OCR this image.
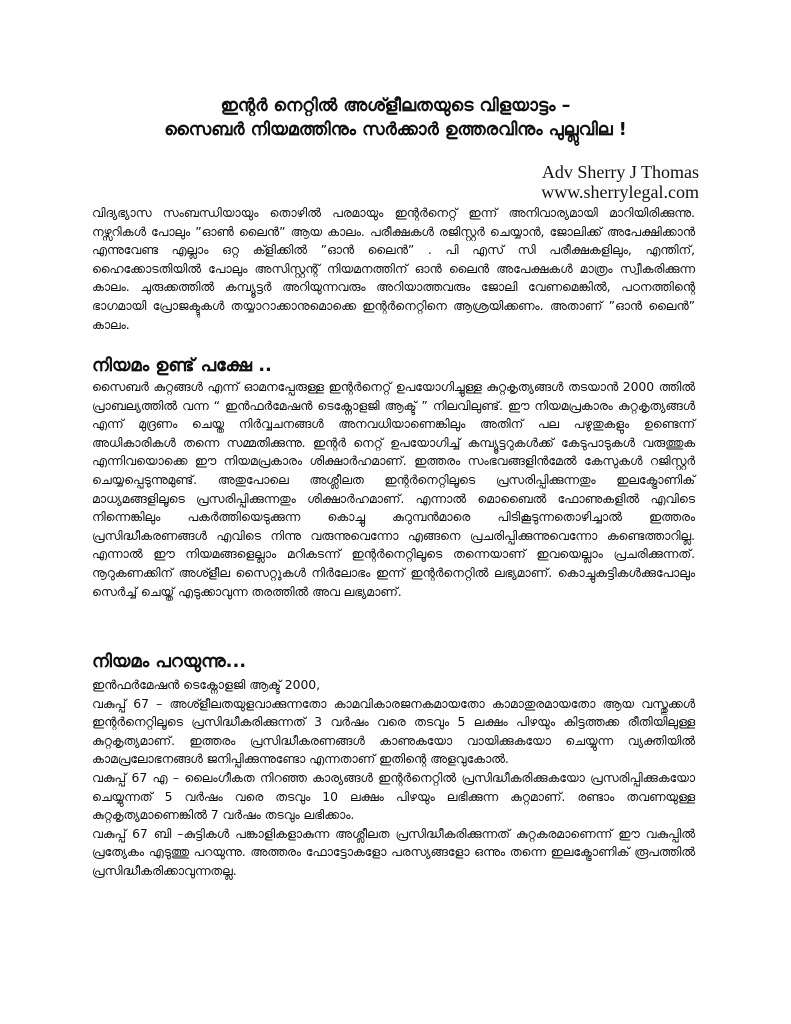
ഇന്റർ നെറ്റിൽ അശ്ളീലതയുടെ വിളയാട്ടം –
സൈബർ നിയമത്തിനും സർക്കാർ ഉത്തരവിനും പുല്ലുവില !
Adv Sherry J Thomas
www.sherrylegal.com

വിദ്യഭ്യാസ സംബന്ധിയായും തൊഴിൽ പരമായും ഇന്റർനെറ്റ് ഇന്ന് അനിവാര്യമായി മാറിയിരിക്കുന്നു. നഴ്സറികൾ പോലും ”ഓൺ ലൈൻ” ആയ കാലം. പരീക്ഷകൾ രജിസ്റ്റർ ചെയ്യാൻ, ജോലിക്ക് അപേക്ഷിക്കാൻ എന്നുവേണ്ട എല്ലാം ഒറ്റ ക്ളിക്കിൽ ”ഓൻ ലൈൻ” . പി എസ് സി പരീക്ഷകളിലും, എന്തിന്, ഹൈക്കോടതിയിൽ പോലും അസിസ്റ്റന്റ് നിയമനത്തിന് ഓൻ ലൈൻ അപേക്ഷകൾ മാത്രം സ്വീകരിക്കുന്ന കാലം. ചുരുക്കത്തിൽ കമ്പ്യൂട്ടർ അറിയുന്നവരും അറിയാത്തവരും ജോലി വേണമെങ്കിൽ, പഠനത്തിന്റെ ഭാഗമായി പ്രോജക്ടുകൾ തയ്യാറാക്കാനുമൊക്കെ ഇന്റർനെറ്റിനെ ആശ്രയിക്കണം. അതാണ് ”ഓൻ ലൈൻ” കാലം.

നിയമം ഉണ്ട് പക്ഷേ ..

സൈബർ കുറ്റങ്ങൾ എന്ന് ഓമനപ്പേരുള്ള ഇന്റർനെറ്റ് ഉപയോഗിച്ചുള്ള കുറ്റകൃത്യങ്ങൾ തടയാൻ 2000 ത്തിൽ പ്രാബല്യത്തിൽ വന്ന “ ഇൻഫർമേഷൻ ടെക്നോളജി ആക്ട് ” നിലവിലുണ്ട്. ഈ നിയമപ്രകാരം കുറ്റകൃത്യങ്ങൾ എന്ന് മുദ്രണം ചെയ്ത നിർവ്വചനങ്ങൾ അനവധിയാണെങ്കിലും അതിന് പല പഴുതുകളും ഉണ്ടെന്ന് അധികാരികൾ തന്നെ സമ്മതിക്കുന്നു. ഇന്റർ നെറ്റ് ഉപയോഗിച്ച് കമ്പ്യൂട്ടറുകൾക്ക് കേടുപാടുകൾ വരുത്തുക എന്നിവയൊക്കെ ഈ നിയമപ്രകാരം ശിക്ഷാർഹമാണ്. ഇത്തരം സംഭവങ്ങളിൻമേൽ കേസുകൾ റജിസ്റ്റർ ചെയ്യപ്പെടുന്നുമുണ്ട്. അതുപോലെ അശ്ലീലത ഇന്റർനെറ്റിലൂടെ പ്രസരിപ്പിക്കുന്നതും ഇലക്ട്രോണിക് മാധ്യമങ്ങളിലൂടെ പ്രസരിപ്പിക്കുന്നതും ശിക്ഷാർഹമാണ്. എന്നാൽ മൊബൈൽ ഫോണുകളിൽ എവിടെ നിന്നെങ്കിലും പകർത്തിയെടുക്കുന്ന കൊച്ചു കുറുമ്പൻമാരെ പിടികൂടുന്നതൊഴിച്ചാൽ ഇത്തരം പ്രസിദ്ധീകരണങ്ങൾ എവിടെ നിന്നു വരുന്നുവെന്നോ എങ്ങനെ പ്രചരിപ്പിക്കുന്നുവെന്നോ കണ്ടെത്താറില്ല. എന്നാൽ ഈ നിയമങ്ങളെല്ലാം മറികടന്ന് ഇന്റർനെറ്റിലൂടെ തന്നെയാണ് ഇവയെല്ലാം പ്രചരിക്കുന്നത്. നൂറുകണക്കിന് അശ്ളീല സൈറ്റുകൾ നിർലോഭം ഇന്ന് ഇന്റർനെറ്റിൽ ലഭ്യമാണ്. കൊച്ചുകുട്ടികൾക്കുപോലും സെർച്ച് ചെയ്ത് എടുക്കാവുന്ന തരത്തിൽ അവ ലഭ്യമാണ്.

നിയമം പറയുന്നു...

ഇൻഫർമേഷൻ ടെക്നോളജി ആക്ട് 2000,

വകുപ്പ് 67 – അശ്ളീലതയുളവാക്കുന്നതോ കാമവികാരജനകമായതോ കാമാതുരമായതോ ആയ വസ്തുക്കൾ ഇന്റർനെറ്റിലൂടെ പ്രസിദ്ധീകരിക്കുന്നത് 3 വർഷം വരെ തടവും 5 ലക്ഷം പിഴയും കിട്ടത്തക്ക രീതിയിലുള്ള കുറ്റകൃത്യമാണ്. ഇത്തരം പ്രസിദ്ധീകരണങ്ങൾ കാണുകയോ വായിക്കുകയോ ചെയ്യുന്ന വ്യക്തിയിൽ കാമപ്രലോഭനങ്ങൾ ജനിപ്പിക്കുന്നുണ്ടോ എന്നതാണ് ഇതിന്റെ അളവുകോൽ.

വകുപ്പ് 67 എ – ലൈംഗീകത നിറഞ്ഞ കാര്യങ്ങൾ ഇന്റർനെറ്റിൽ പ്രസിദ്ധീകരിക്കുകയോ പ്രസരിപ്പിക്കുകയോ ചെയ്യുന്നത് 5 വർഷം വരെ തടവും 10 ലക്ഷം പിഴയും ലഭിക്കുന്ന കുറ്റമാണ്. രണ്ടാം തവണയുള്ള കുറ്റകൃത്യമാണെങ്കിൽ 7 വർഷം തടവും ലഭിക്കാം.

വകുപ്പ് 67 ബി –കുട്ടികൾ പങ്കാളികളാകുന്ന അശ്ലീലത പ്രസിദ്ധീകരിക്കുന്നത് കുറ്റകരമാണെന്ന് ഈ വകുപ്പിൽ പ്രത്യേകം എടുത്തു പറയുന്നു. അത്തരം ഫോട്ടോകളോ പരസ്യങ്ങളോ ഒന്നും തന്നെ ഇലക്ട്രോണിക് രൂപത്തിൽ പ്രസിദ്ധീകരിക്കാവുന്നതല്ല.
